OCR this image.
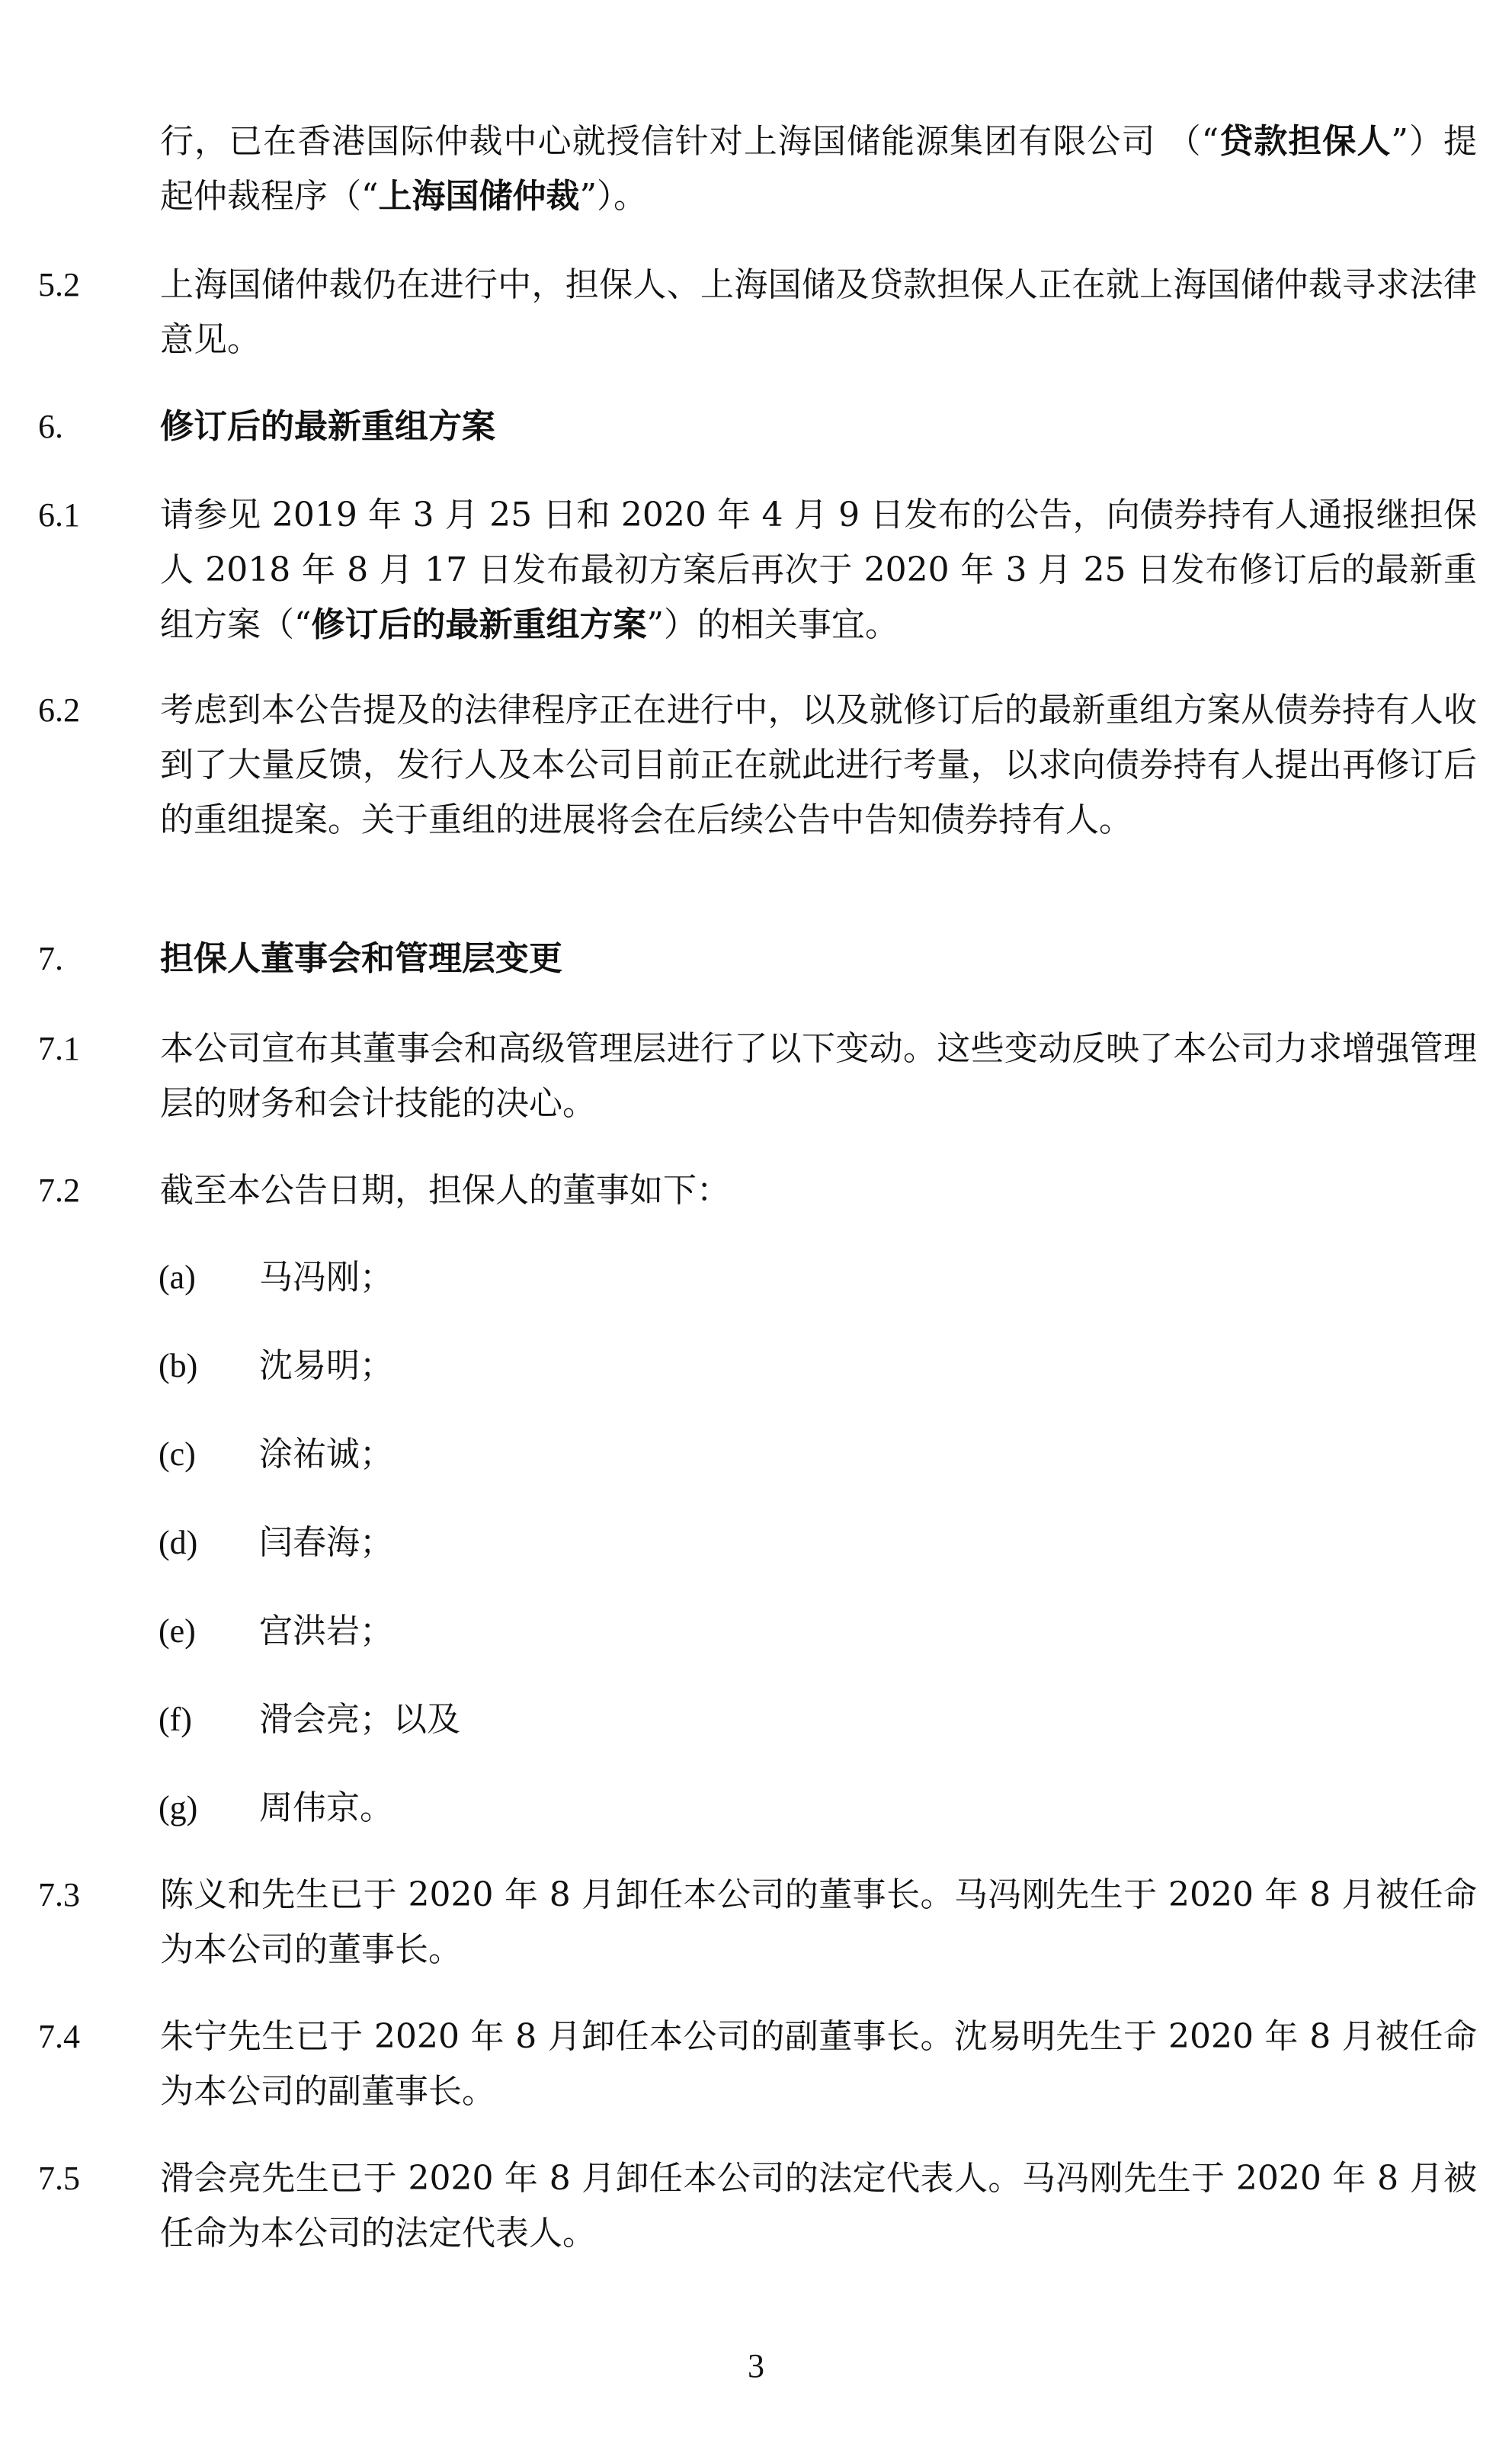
行，已在香港国际仲裁中心就授信针对上海国储能源集团有限公司 （“贷款担保人”）提起仲裁程序（“上海国储仲裁”）。
5.2 上海国储仲裁仍在进行中，担保人、上海国储及贷款担保人正在就上海国储仲裁寻求法律意见。
6.	修订后的最新重组方案
6.1 请参见 2019 年 3 月 25 日和 2020 年 4 月 9 日发布的公告，向债券持有人通报继担保人 2018 年 8 月 17 日发布最初方案后再次于 2020 年 3 月 25 日发布修订后的最新重组方案（“修订后的最新重组方案”）的相关事宜。
6.2 考虑到本公告提及的法律程序正在进行中，以及就修订后的最新重组方案从债券持有人收到了大量反馈，发行人及本公司目前正在就此进行考量，以求向债券持有人提出再修订后的重组提案。关于重组的进展将会在后续公告中告知债券持有人。
7.	担保人董事会和管理层变更
7.1 本公司宣布其董事会和高级管理层进行了以下变动。这些变动反映了本公司力求增强管理层的财务和会计技能的决心。
7.2 截至本公告日期，担保人的董事如下：
(a) 马冯刚；
(b) 沈易明；
(c) 涂祐诚；
(d) 闫春海；
(e) 宫洪岩；
(f) 滑会亮；以及
(g) 周伟京。
7.3 陈义和先生已于 2020 年 8 月卸任本公司的董事长。马冯刚先生于 2020 年 8 月被任命为本公司的董事长。
7.4 朱宁先生已于 2020 年 8 月卸任本公司的副董事长。沈易明先生于 2020 年 8 月被任命为本公司的副董事长。
7.5 滑会亮先生已于 2020 年 8 月卸任本公司的法定代表人。马冯刚先生于 2020 年 8 月被任命为本公司的法定代表人。
3
